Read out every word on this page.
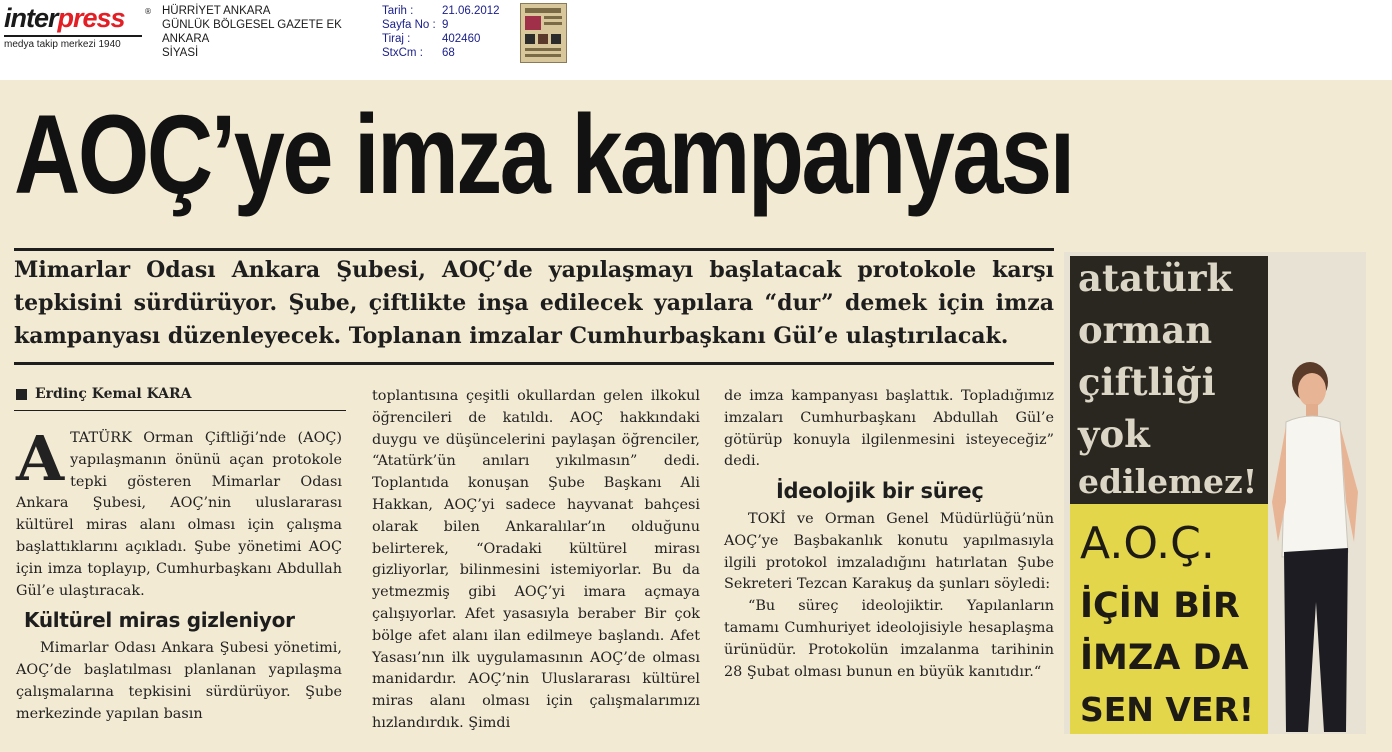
interpress	®
medya takip merkezi 1940
HÜRRİYET ANKARA
GÜNLÜK BÖLGESEL GAZETE EK
ANKARA
SİYASİ
Tarih :	21.06.2012
Sayfa No : 9
Tiraj :	402460
StxCm :	68
AOÇ’ye imza kampanyası
Mimarlar Odası Ankara Şubesi, AOÇ’de yapılaşmayı başlatacak protokole karşı tepkisini sürdürüyor. Şube, çiftlikte inşa edilecek yapılara “dur” demek için imza kampanyası düzenleyecek. Toplanan imzalar Cumhurbaşkanı Gül’e ulaştırılacak.
Erdinç Kemal KARA

ATATÜRK Orman Çiftliği’nde (AOÇ) yapılaşmanın önünü açan protokole tepki gösteren Mimarlar Odası Ankara Şubesi, AOÇ’nin uluslararası kültürel miras alanı olması için çalışma başlattıklarını açıkladı. Şube yönetimi AOÇ için imza toplayıp, Cumhurbaşkanı Abdullah Gül’e ulaştıracak.

Kültürel miras gizleniyor

Mimarlar Odası Ankara Şubesi yönetimi, AOÇ’de başlatılması planlanan yapılaşma çalışmalarına tepkisini sürdürüyor. Şube merkezinde yapılan basın

toplantısına çeşitli okullardan gelen ilkokul öğrencileri de katıldı. AOÇ hakkındaki duygu ve düşüncelerini paylaşan öğrenciler, “Atatürk’ün anıları yıkılmasın” dedi. Toplantıda konuşan Şube Başkanı Ali Hakkan, AOÇ’yi sadece hayvanat bahçesi olarak bilen Ankaralılar’ın olduğunu belirterek, “Oradaki kültürel mirası gizliyorlar, bilinmesini istemiyorlar. Bu da yetmezmiş gibi AOÇ’yi imara açmaya çalışıyorlar. Afet yasasıyla beraber Bir çok bölge afet alanı ilan edilmeye başlandı. Afet Yasası’nın ilk uygulamasının AOÇ’de olması manidardır. AOÇ’nin Uluslararası kültürel miras alanı olması için çalışmalarımızı hızlandırdık. Şimdi

de imza kampanyası başlattık. Topladığımız imzaları Cumhurbaşkanı Abdullah Gül’e götürüp konuyla ilgilenmesini isteyeceğiz” dedi.

İdeolojik bir süreç

TOKİ ve Orman Genel Müdürlüğü’nün AOÇ’ye Başbakanlık konutu yapılmasıyla ilgili protokol imzaladığını hatırlatan Şube Sekreteri Tezcan Karakuş da şunları söyledi:

“Bu süreç ideolojiktir. Yapılanların tamamı Cumhuriyet ideolojisiyle hesaplaşma ürünüdür. Protokolün imzalanma tarihinin 28 Şubat olması bunun en büyük kanıtıdır.“

atatürk
orman
çiftliği
yok
edilemez!
A.O.Ç.
İÇİN BİR
İMZA DA
SEN VER!
